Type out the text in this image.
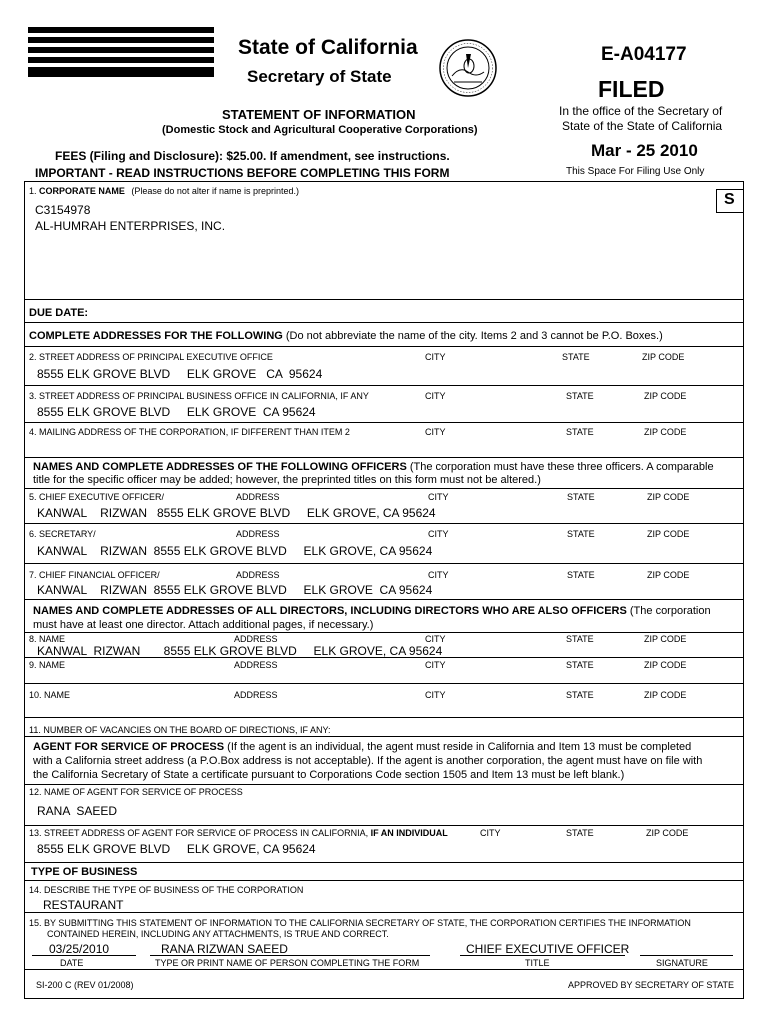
State of California
Secretary of State
STATEMENT OF INFORMATION
(Domestic Stock and Agricultural Cooperative Corporations)
FEES (Filing and Disclosure): $25.00. If amendment, see instructions.
IMPORTANT - READ INSTRUCTIONS BEFORE COMPLETING THIS FORM
E-A04177
FILED
In the office of the Secretary of
State of the State of California
Mar - 25 2010
This Space For Filing Use Only
1. CORPORATE NAME (Please do not alter if name is preprinted.)	S
C3154978
AL-HUMRAH ENTERPRISES, INC.
DUE DATE:
COMPLETE ADDRESSES FOR THE FOLLOWING (Do not abbreviate the name of the city. Items 2 and 3 cannot be P.O. Boxes.)
2. STREET ADDRESS OF PRINCIPAL EXECUTIVE OFFICE	CITY	STATE	ZIP CODE
8555 ELK GROVE BLVD     ELK GROVE   CA  95624
3. STREET ADDRESS OF PRINCIPAL BUSINESS OFFICE IN CALIFORNIA, IF ANY	CITY	STATE	ZIP CODE
8555 ELK GROVE BLVD     ELK GROVE  CA 95624
4. MAILING ADDRESS OF THE CORPORATION, IF DIFFERENT THAN ITEM 2	CITY	STATE	ZIP CODE
NAMES AND COMPLETE ADDRESSES OF THE FOLLOWING OFFICERS (The corporation must have these three officers. A comparable
title for the specific officer may be added; however, the preprinted titles on this form must not be altered.)
5. CHIEF EXECUTIVE OFFICER/	ADDRESS	CITY	STATE	ZIP CODE
KANWAL    RIZWAN   8555 ELK GROVE BLVD     ELK GROVE, CA 95624
6. SECRETARY/	ADDRESS	CITY	STATE	ZIP CODE
KANWAL    RIZWAN  8555 ELK GROVE BLVD     ELK GROVE, CA 95624
7. CHIEF FINANCIAL OFFICER/	ADDRESS	CITY	STATE	ZIP CODE
KANWAL    RIZWAN  8555 ELK GROVE BLVD     ELK GROVE  CA 95624
NAMES AND COMPLETE ADDRESSES OF ALL DIRECTORS, INCLUDING DIRECTORS WHO ARE ALSO OFFICERS (The corporation
must have at least one director. Attach additional pages, if necessary.)
8. NAME	ADDRESS	CITY	STATE	ZIP CODE
KANWAL  RIZWAN       8555 ELK GROVE BLVD     ELK GROVE, CA 95624
9. NAME	ADDRESS	CITY	STATE	ZIP CODE
10. NAME	ADDRESS	CITY	STATE	ZIP CODE
11. NUMBER OF VACANCIES ON THE BOARD OF DIRECTIONS, IF ANY:
AGENT FOR SERVICE OF PROCESS (If the agent is an individual, the agent must reside in California and Item 13 must be completed
with a California street address (a P.O.Box address is not acceptable). If the agent is another corporation, the agent must have on file with
the California Secretary of State a certificate pursuant to Corporations Code section 1505 and Item 13 must be left blank.)
12. NAME OF AGENT FOR SERVICE OF PROCESS
RANA  SAEED
13. STREET ADDRESS OF AGENT FOR SERVICE OF PROCESS IN CALIFORNIA, IF AN INDIVIDUAL	CITY	STATE	ZIP CODE
8555 ELK GROVE BLVD     ELK GROVE, CA 95624
TYPE OF BUSINESS
14. DESCRIBE THE TYPE OF BUSINESS OF THE CORPORATION
RESTAURANT
15. BY SUBMITTING THIS STATEMENT OF INFORMATION TO THE CALIFORNIA SECRETARY OF STATE, THE CORPORATION CERTIFIES THE INFORMATION
CONTAINED HEREIN, INCLUDING ANY ATTACHMENTS, IS TRUE AND CORRECT.
03/25/2010	RANA RIZWAN SAEED	CHIEF EXECUTIVE OFFICER
DATE	TYPE OR PRINT NAME OF PERSON COMPLETING THE FORM	TITLE	SIGNATURE
SI-200 C (REV 01/2008)	APPROVED BY SECRETARY OF STATE
